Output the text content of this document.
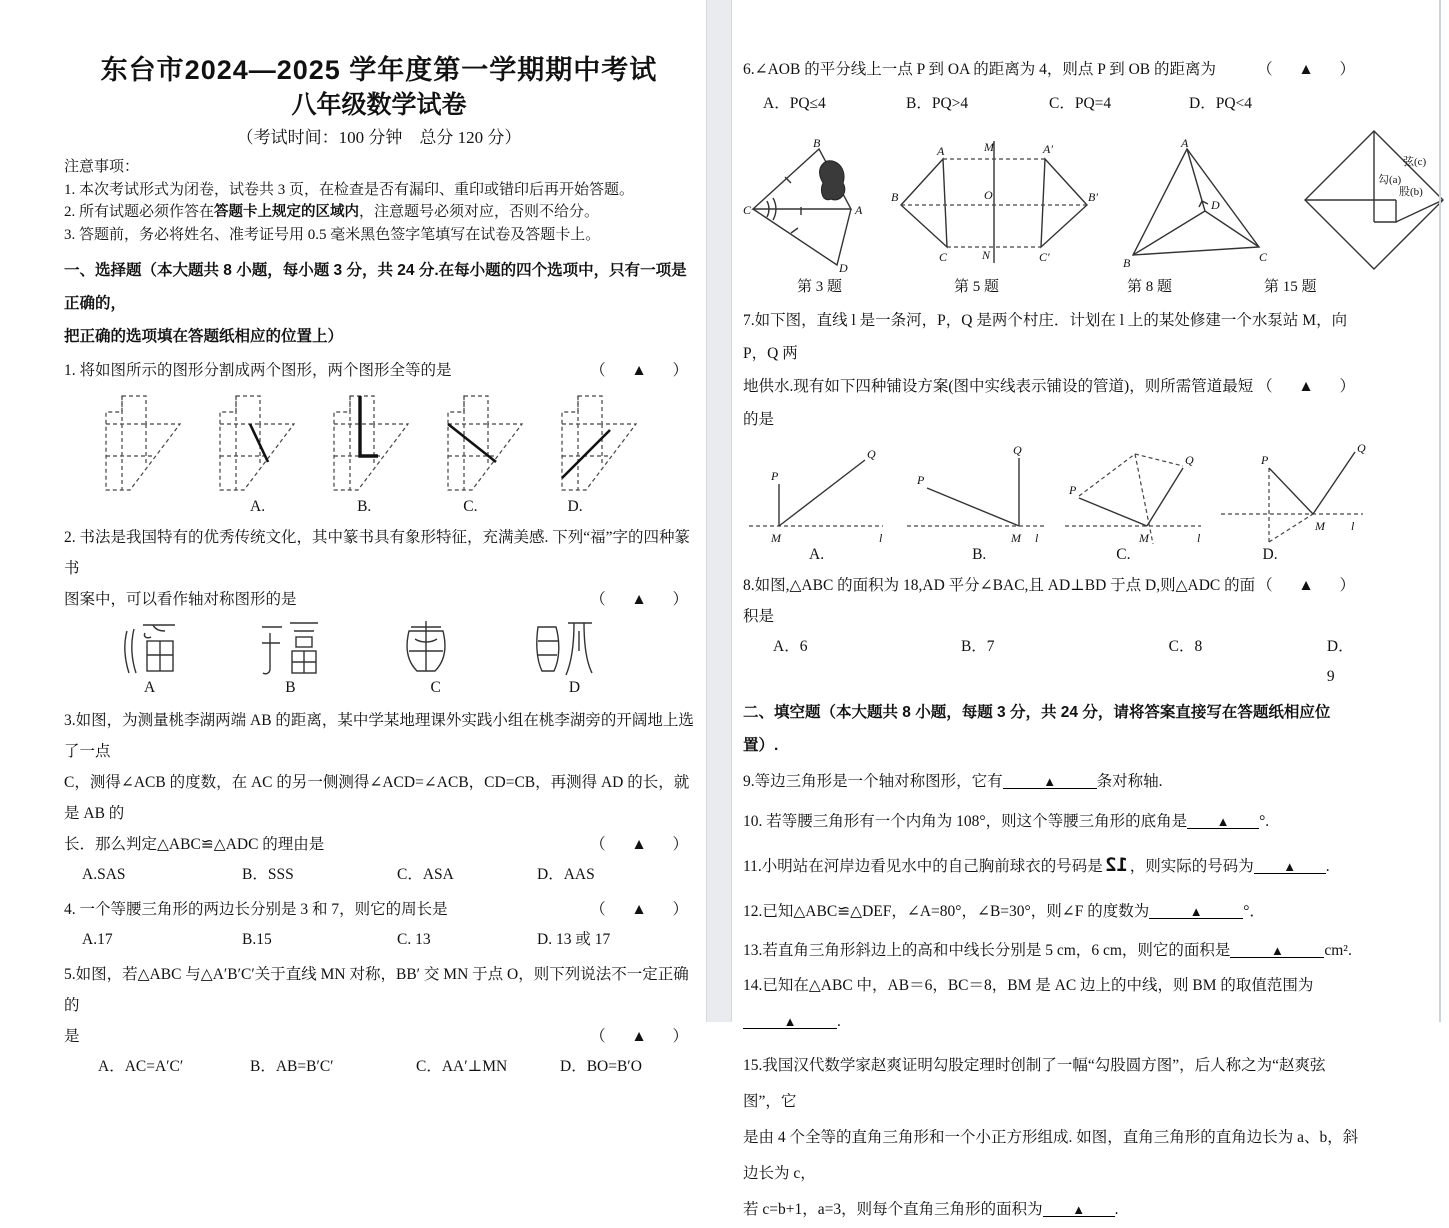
东台市2024—2025 学年度第一学期期中考试
八年级数学试卷
（考试时间：100 分钟　总分 120 分）
注意事项：
1. 本次考试形式为闭卷，试卷共 3 页，在检查是否有漏印、重印或错印后再开始答题。
2. 所有试题必须作答在答题卡上规定的区域内，注意题号必须对应，否则不给分。
3. 答题前，务必将姓名、准考证号用 0.5 毫米黑色签字笔填写在试卷及答题卡上。
一、选择题（本大题共 8 小题，每小题 3 分，共 24 分.在每小题的四个选项中，只有一项是正确的，
把正确的选项填在答题纸相应的位置上）
1. 将如图所示的图形分割成两个图形，两个图形全等的是	（  ▲  ）
A.	B.	C.	D.
2. 书法是我国特有的优秀传统文化，其中篆书具有象形特征，充满美感. 下列“福”字的四种篆书
图案中，可以看作轴对称图形的是	（  ▲  ）
A	B	C	D
3.如图，为测量桃李湖两端 AB 的距离，某中学某地理课外实践小组在桃李湖旁的开阔地上选了一点
C，测得∠ACB 的度数，在 AC 的另一侧测得∠ACD=∠ACB，CD=CB，再测得 AD 的长，就是 AB 的
长．那么判定△ABC≌△ADC 的理由是	（  ▲  ）
A.SAS	B．SSS	C．ASA	D．AAS
4. 一个等腰三角形的两边长分别是 3 和 7，则它的周长是	（  ▲  ）
A.17	B.15	C. 13	D. 13 或 17
5.如图，若△ABC 与△A′B′C′关于直线 MN 对称，BB′ 交 MN 于点 O，则下列说法不一定正确的
是	（  ▲  ）
A．AC=A′C′	B．AB=B′C′	C．AA′⊥MN	D．BO=B′O
6.∠AOB 的平分线上一点 P 到 OA 的距离为 4，则点 P 到 OB 的距离为	（  ▲  ）
A．PQ≤4	B．PQ>4	C．PQ=4	D．PQ<4
B
C	A
D
A	M	A′
B	O	B′
C	N	C′
A
B	C
D
弦(c)
勾(a)
股(b)
第 3 题	第 5 题	第 8 题	第 15 题
7.如下图，直线 l 是一条河，P，Q 是两个村庄．计划在 l 上的某处修建一个水泵站 M，向 P，Q 两
地供水.现有如下四种铺设方案(图中实线表示铺设的管道)，则所需管道最短的是
（  ▲  ）
P
Q
M	l
P
Q
M l
P
Q
M	l
P
Q
M l
A.	B.	C.	D.
8.如图,△ABC 的面积为 18,AD 平分∠BAC,且 AD⊥BD 于点 D,则△ADC 的面积是
（  ▲  ）
A．6	B．7	C．8	D．9
二、填空题（本大题共 8 小题，每题 3 分，共 24 分，请将答案直接写在答题纸相应位置）.
9.等边三角形是一个轴对称图形，它有	▲	条对称轴.
10. 若等腰三角形有一个内角为 108°，则这个等腰三角形的底角是 ▲ °.
11.小明站在河岸边看见水中的自己胸前球衣的号码是 12 ，则实际的号码为 ▲ .
12.已知△ABC≌△DEF，∠A=80°，∠B=30°，则∠F 的度数为	▲	°．
13.若直角三角形斜边上的高和中线长分别是 5 cm，6 cm，则它的面积是	▲	cm².
14.已知在△ABC 中，AB＝6，BC＝8，BM 是 AC 边上的中线，则 BM 的取值范围为▲	.
15.我国汉代数学家赵爽证明勾股定理时创制了一幅“勾股圆方图”，后人称之为“赵爽弦图”，它
是由 4 个全等的直角三角形和一个小正方形组成. 如图，直角三角形的直角边长为 a、b，斜边长为 c，
若 c=b+1，a=3，则每个直角三角形的面积为 ▲ .
